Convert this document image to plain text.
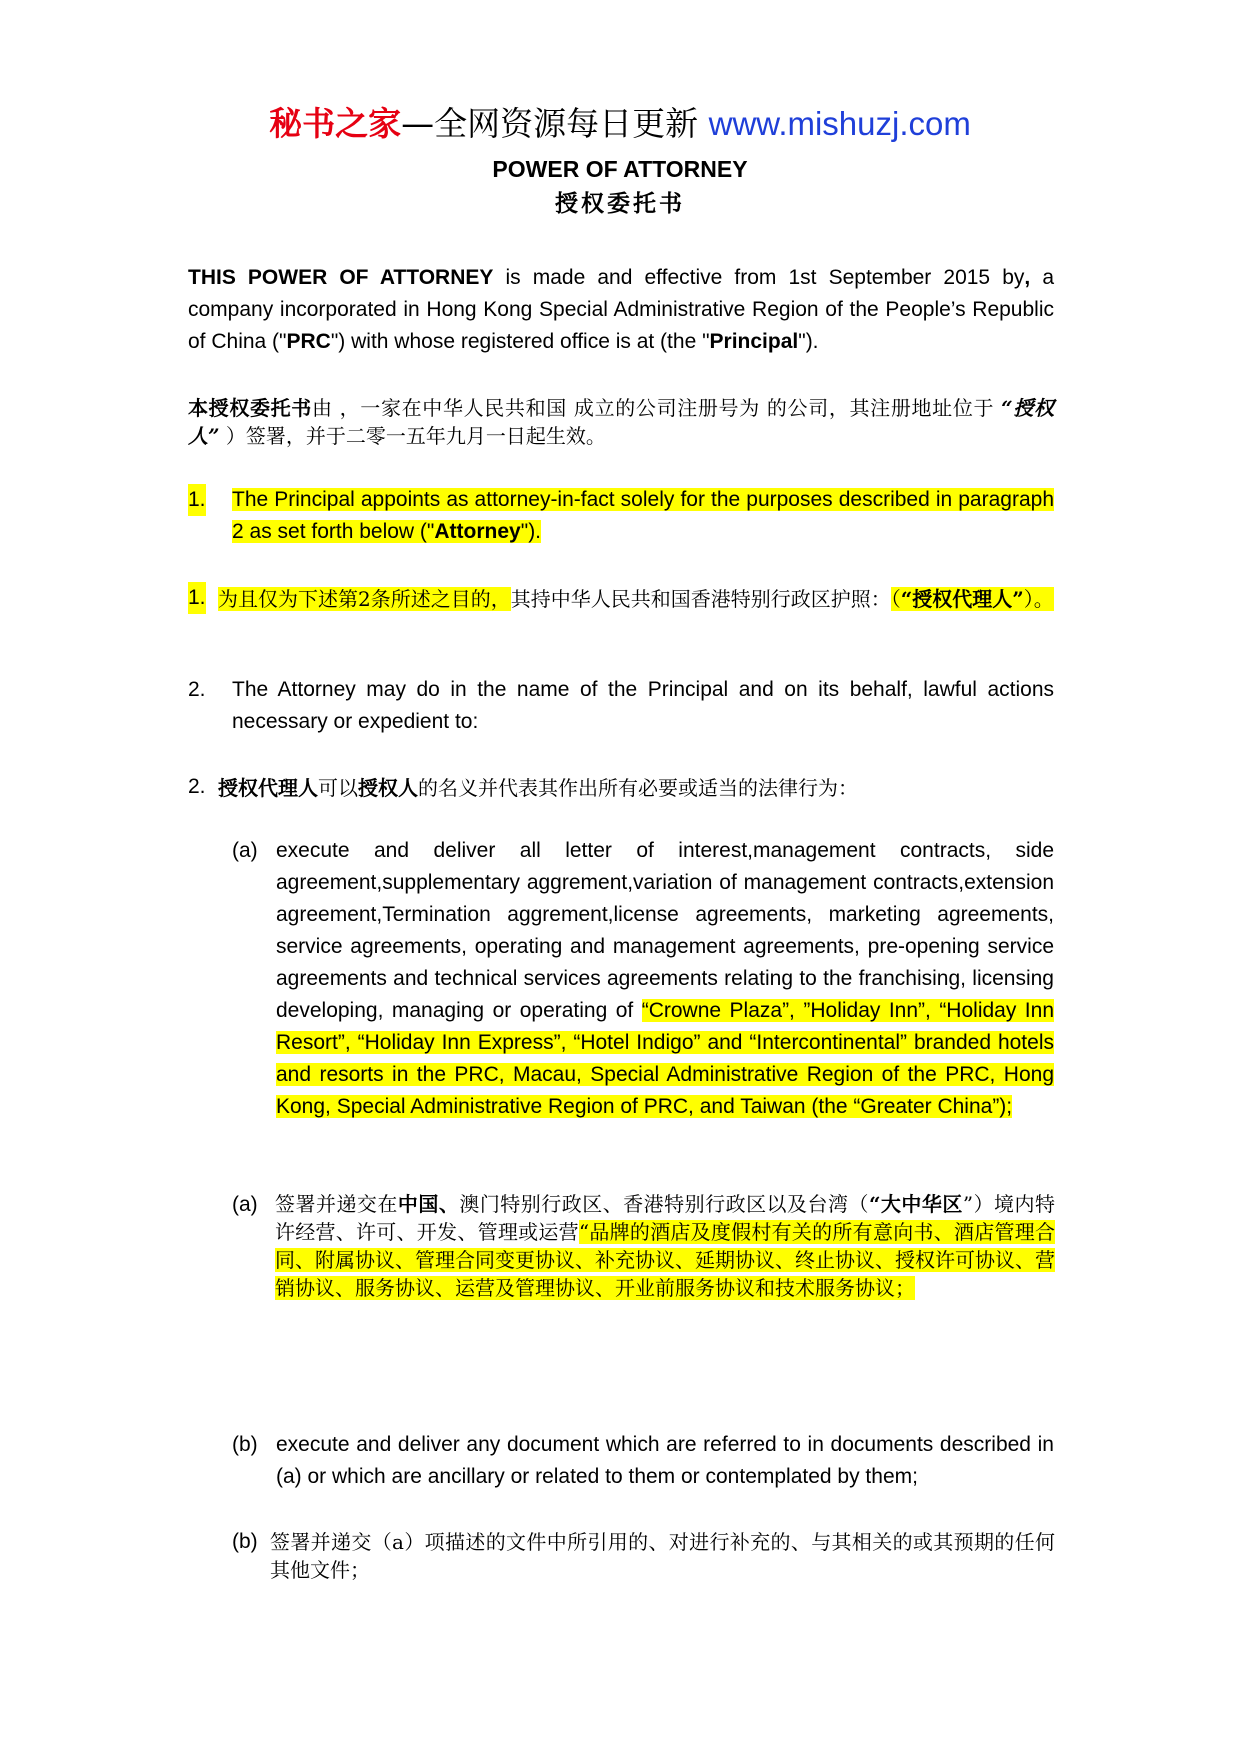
秘书之家—全网资源每日更新 www.mishuzj.com
POWER OF ATTORNEY
授权委托书
THIS POWER OF ATTORNEY is made and effective from 1st September 2015 by, a company incorporated in Hong Kong Special Administrative Region of the People’s Republic of China ("PRC") with whose registered office is at (the "Principal").
本授权委托书由 ，一家在中华人民共和国 成立的公司注册号为 的公司，其注册地址位于 “授权人” ）签署，并于二零一五年九月一日起生效。
1. The Principal appoints as attorney-in-fact solely for the purposes described in paragraph 2 as set forth below ("Attorney").
1. 为且仅为下述第2条所述之目的，其持中华人民共和国香港特别行政区护照：（“授权代理人”）。
2. The Attorney may do in the name of the Principal and on its behalf, lawful actions necessary or expedient to:
2. 授权代理人可以授权人的名义并代表其作出所有必要或适当的法律行为：
(a) execute and deliver all letter of interest,management contracts, side agreement,supplementary aggrement,variation of management contracts,extension agreement,Termination aggrement,license agreements, marketing agreements, service agreements, operating and management agreements, pre-opening service agreements and technical services agreements relating to the franchising, licensing developing, managing or operating of “Crowne Plaza”, ”Holiday Inn”, “Holiday Inn Resort”, “Holiday Inn Express”, “Hotel Indigo” and “Intercontinental” branded hotels and resorts in the PRC, Macau, Special Administrative Region of the PRC, Hong Kong, Special Administrative Region of PRC, and Taiwan (the “Greater China”);
(a) 签署并递交在中国、澳门特别行政区、香港特别行政区以及台湾（“大中华区”）境内特许经营、许可、开发、管理或运营“品牌的酒店及度假村有关的所有意向书、酒店管理合同、附属协议、管理合同变更协议、补充协议、延期协议、终止协议、授权许可协议、营销协议、服务协议、运营及管理协议、开业前服务协议和技术服务协议；
(b) execute and deliver any document which are referred to in documents described in (a) or which are ancillary or related to them or contemplated by them;
(b) 签署并递交（a）项描述的文件中所引用的、对进行补充的、与其相关的或其预期的任何其他文件；
